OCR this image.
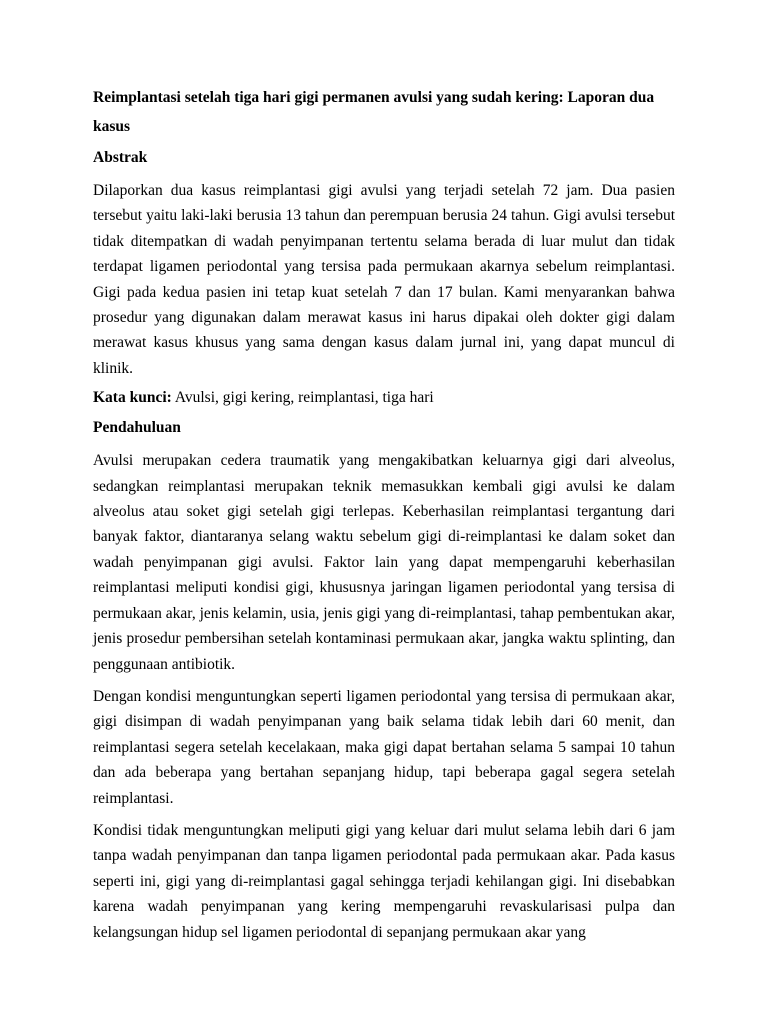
Reimplantasi setelah tiga hari gigi permanen avulsi yang sudah kering: Laporan dua kasus
Abstrak
Dilaporkan dua kasus reimplantasi gigi avulsi yang terjadi setelah 72 jam. Dua pasien tersebut yaitu laki-laki berusia 13 tahun dan perempuan berusia 24 tahun. Gigi avulsi tersebut tidak ditempatkan di wadah penyimpanan tertentu selama berada di luar mulut dan tidak terdapat ligamen periodontal yang tersisa pada permukaan akarnya sebelum reimplantasi. Gigi pada kedua pasien ini tetap kuat setelah 7 dan 17 bulan. Kami menyarankan bahwa prosedur yang digunakan dalam merawat kasus ini harus dipakai oleh dokter gigi dalam merawat kasus khusus yang sama dengan kasus dalam jurnal ini, yang dapat muncul di klinik.
Kata kunci: Avulsi, gigi kering, reimplantasi, tiga hari
Pendahuluan
Avulsi merupakan cedera traumatik yang mengakibatkan keluarnya gigi dari alveolus, sedangkan reimplantasi merupakan teknik memasukkan kembali gigi avulsi ke dalam alveolus atau soket gigi setelah gigi terlepas. Keberhasilan reimplantasi tergantung dari banyak faktor, diantaranya selang waktu sebelum gigi di-reimplantasi ke dalam soket dan wadah penyimpanan gigi avulsi. Faktor lain yang dapat mempengaruhi keberhasilan reimplantasi meliputi kondisi gigi, khususnya jaringan ligamen periodontal yang tersisa di permukaan akar, jenis kelamin, usia, jenis gigi yang di-reimplantasi, tahap pembentukan akar, jenis prosedur pembersihan setelah kontaminasi permukaan akar, jangka waktu splinting, dan penggunaan antibiotik.
Dengan kondisi menguntungkan seperti ligamen periodontal yang tersisa di permukaan akar, gigi disimpan di wadah penyimpanan yang baik selama tidak lebih dari 60 menit, dan reimplantasi segera setelah kecelakaan, maka gigi dapat bertahan selama 5 sampai 10 tahun dan ada beberapa yang bertahan sepanjang hidup, tapi beberapa gagal segera setelah reimplantasi.
Kondisi tidak menguntungkan meliputi gigi yang keluar dari mulut selama lebih dari 6 jam tanpa wadah penyimpanan dan tanpa ligamen periodontal pada permukaan akar. Pada kasus seperti ini, gigi yang di-reimplantasi gagal sehingga terjadi kehilangan gigi. Ini disebabkan karena wadah penyimpanan yang kering mempengaruhi revaskularisasi pulpa dan kelangsungan hidup sel ligamen periodontal di sepanjang permukaan akar yang
